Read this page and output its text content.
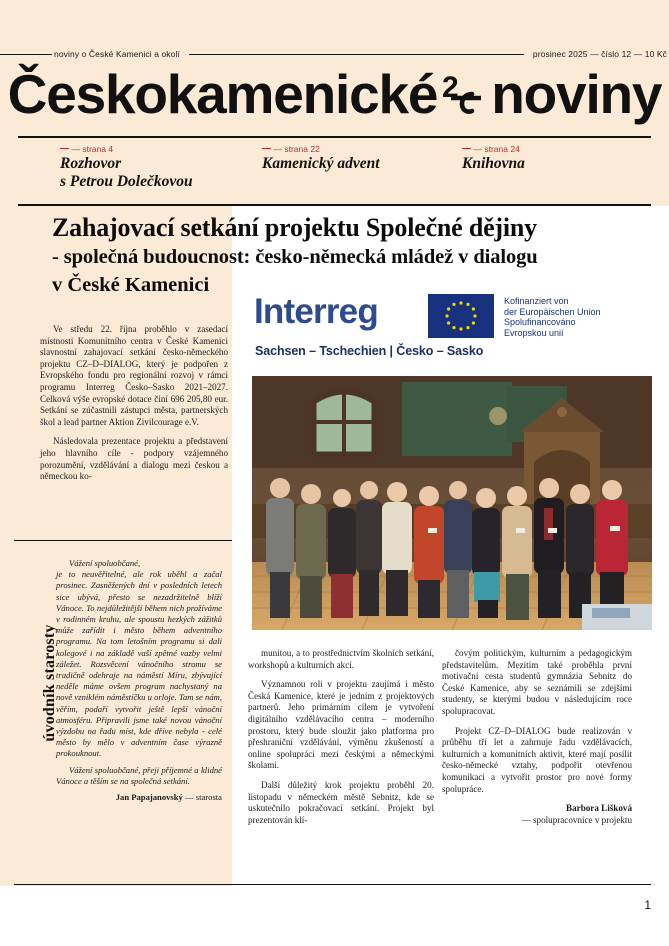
noviny o České Kamenici a okolí	prosinec 2025 — číslo 12 — 10 Kč
Českokamenické 2 noviny
— strana 4
Rozhovor
s Petrou Dolečkovou
— strana 22
Kamenický advent
— strana 24
Knihovna
Zahajovací setkání projektu Společné dějiny
- společná budoucnost: česko-německá mládež v dialogu
v České Kamenici
Interreg
Sachsen – Tschechien | Česko – Sasko
Kofinanziert von
der Europäischen Union
Spolufinancováno
Evropskou unií

Ve středu 22. října proběhlo v zasedací místnosti Komunitního centra v České Kamenici slavnostní zahajovací setkání česko-německého projektu CZ–D–DIALOG, který je podpořen z Evropského fondu pro regionální rozvoj v rámci programu Interreg Česko–Sasko 2021–2027. Celková výše evropské dotace činí 696 205,80 eur. Setkání se zúčastnili zástupci města, partnerských škol a lead partner Aktion Zivilcourage e.V.

Následovala prezentace projektu a představení jeho hlavního cíle - podpory vzájemného porozumění, vzdělávání a dialogu mezi českou a německou ko-

munitou, a to prostřednictvím školních setkání, workshopů a kulturních akcí.

Významnou roli v projektu zaujímá i město Česká Kamenice, které je jedním z projektových partnerů. Jeho primárním cílem je vytvoření digitálního vzdělávacího centra – moderního prostoru, který bude sloužit jako platforma pro přeshraniční vzdělávání, výměnu zkušeností a online spolupráci mezi českými a německými školami.

Další důležitý krok projektu proběhl 20. listopadu v německém městě Sebnitz, kde se uskutečnilo pokračovací setkání. Projekt byl prezentován klí-

čovým politickým, kulturním a pedagogickým představitelům. Mezitím také proběhla první motivační cesta studentů gymnázia Sebnitz do České Kamenice, aby se seznámili se zdejšími studenty, se kterými budou v následujícím roce spolupracovat.

Projekt CZ–D–DIALOG bude realizován v průběhu tří let a zahrnuje řadu vzdělávacích, kulturních a komunitních aktivit, které mají posílit česko-německé vztahy, podpořit otevřenou komunikaci a vytvořit prostor pro nové formy spolupráce.

Barbora Lišková
— spolupracovnice v projektu

úvodník starosty

Vážení spoluobčané,

je to neuvěřitelné, ale rok uběhl a začal prosinec. Zasněžených dní v posledních letech sice ubývá, přesto se nezadržitelně blíží Vánoce. To nejdůležitější během nich prožíváme v rodinném kruhu, ale spoustu hezkých zážitků může zařídit i město během adventního programu. Na tom letošním programu si dali kolegové i na základě vaší zpětné vazby velmi záležet. Rozsvěcení vánočního stromu se tradičně odehraje na náměstí Míru, zbývající neděle máme ovšem program nachystaný na nově vzniklém náměstíčku u orloje. Tam se nám, věřím, podaří vytvořit ještě lepší vánoční atmosféru. Připravili jsme také novou vánoční výzdobu na řadu míst, kde dříve nebyla - celé město by mělo v adventním čase výrazně prokouknout.

Vážení spoluobčané, přeji příjemné a klidné Vánoce a těším se na společná setkání.

Jan Papajanovský — starosta

1
